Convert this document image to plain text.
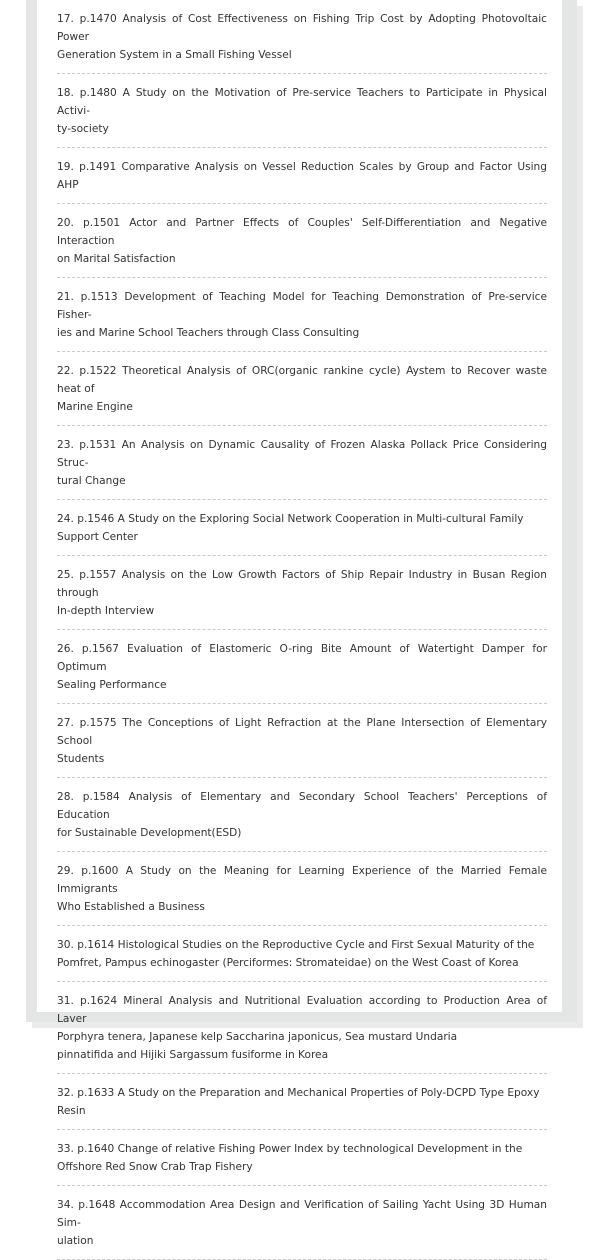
17. p.1470 Analysis of Cost Effectiveness on Fishing Trip Cost by Adopting Photovoltaic Power
Generation System in a Small Fishing Vessel
18. p.1480 A Study on the Motivation of Pre-service Teachers to Participate in Physical Activi-
ty-society
19. p.1491 Comparative Analysis on Vessel Reduction Scales by Group and Factor Using AHP
20. p.1501 Actor and Partner Effects of Couples' Self-Differentiation and Negative Interaction
on Marital Satisfaction
21. p.1513 Development of Teaching Model for Teaching Demonstration of Pre-service Fisher-
ies and Marine School Teachers through Class Consulting
22. p.1522 Theoretical Analysis of ORC(organic rankine cycle) Aystem to Recover waste heat of
Marine Engine
23. p.1531 An Analysis on Dynamic Causality of Frozen Alaska Pollack Price Considering Struc-
tural Change
24. p.1546 A Study on the Exploring Social Network Cooperation in Multi-cultural Family
Support Center
25. p.1557 Analysis on the Low Growth Factors of Ship Repair Industry in Busan Region through
In-depth Interview
26. p.1567 Evaluation of Elastomeric O-ring Bite Amount of Watertight Damper for Optimum
Sealing Performance
27. p.1575 The Conceptions of Light Refraction at the Plane Intersection of Elementary School
Students
28. p.1584 Analysis of Elementary and Secondary School Teachers' Perceptions of Education
for Sustainable Development(ESD)
29. p.1600 A Study on the Meaning for Learning Experience of the Married Female Immigrants
Who Established a Business
30. p.1614 Histological Studies on the Reproductive Cycle and First Sexual Maturity of the
Pomfret, Pampus echinogaster (Perciformes: Stromateidae) on the West Coast of Korea
31. p.1624 Mineral Analysis and Nutritional Evaluation according to Production Area of Laver
Porphyra tenera, Japanese kelp Saccharina japonicus, Sea mustard Undaria
pinnatifida and Hijiki Sargassum fusiforme in Korea
32. p.1633 A Study on the Preparation and Mechanical Properties of Poly-DCPD Type Epoxy
Resin
33. p.1640 Change of relative Fishing Power Index by technological Development in the
Offshore Red Snow Crab Trap Fishery
34. p.1648 Accommodation Area Design and Verification of Sailing Yacht Using 3D Human Sim-
ulation
